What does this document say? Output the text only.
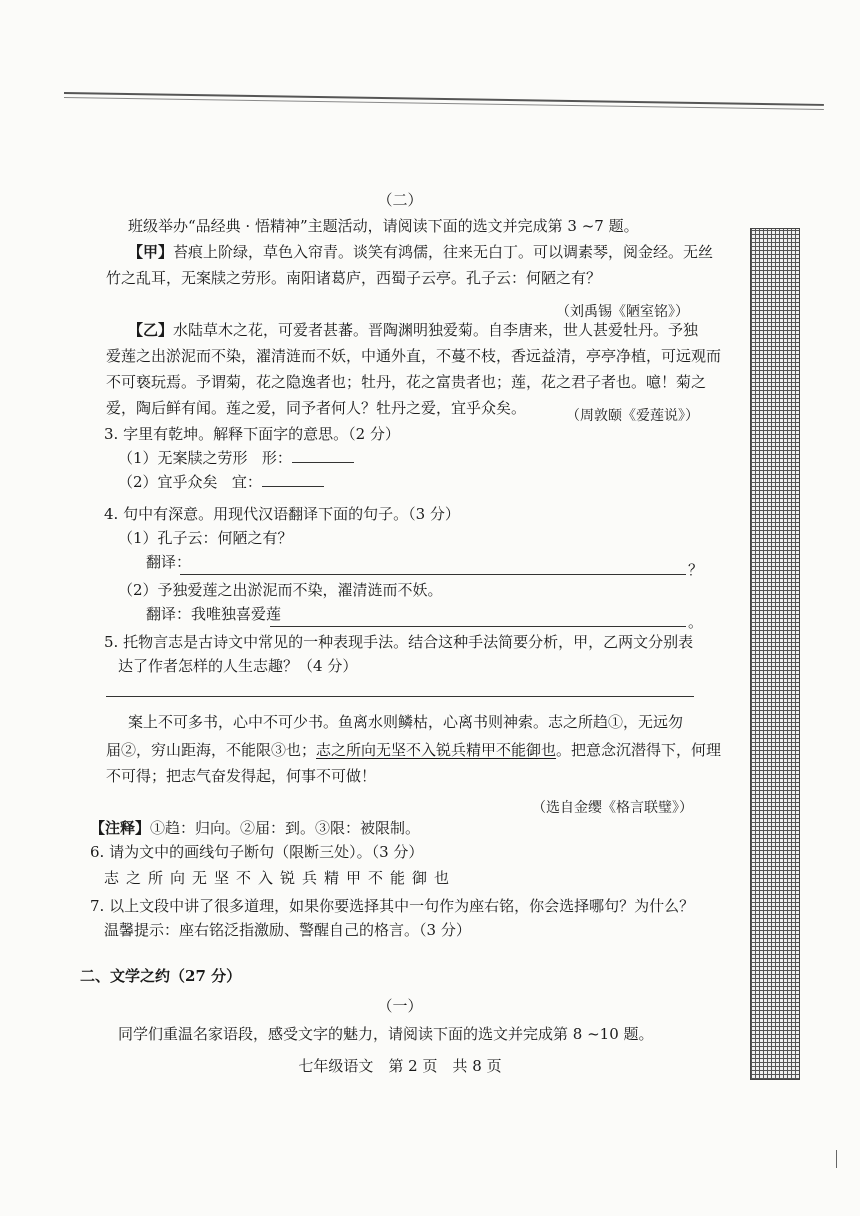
（二）
班级举办“品经典 · 悟精神”主题活动，请阅读下面的选文并完成第 3 ~7 题。
【甲】苔痕上阶绿，草色入帘青。谈笑有鸿儒，往来无白丁。可以调素琴，阅金经。无丝
竹之乱耳，无案牍之劳形。南阳诸葛庐，西蜀子云亭。孔子云：何陋之有？
（刘禹锡《陋室铭》）
【乙】水陆草木之花，可爱者甚蕃。晋陶渊明独爱菊。自李唐来，世人甚爱牡丹。予独
爱莲之出淤泥而不染，濯清涟而不妖，中通外直，不蔓不枝，香远益清，亭亭净植，可远观而
不可亵玩焉。予谓菊，花之隐逸者也；牡丹，花之富贵者也；莲，花之君子者也。噫！菊之
爱，陶后鲜有闻。莲之爱，同予者何人？牡丹之爱，宜乎众矣。	（周敦颐《爱莲说》）
3. 字里有乾坤。解释下面字的意思。（2 分）
（1）无案牍之劳形 形：
（2）宜乎众矣 宜：
4. 句中有深意。用现代汉语翻译下面的句子。（3 分）
（1）孔子云：何陋之有？
翻译：	？
（2）予独爱莲之出淤泥而不染，濯清涟而不妖。
翻译：我唯独喜爱莲	。
5. 托物言志是古诗文中常见的一种表现手法。结合这种手法简要分析，甲，乙两文分别表
达了作者怎样的人生志趣？（4 分）
案上不可多书，心中不可少书。鱼离水则鳞枯，心离书则神索。志之所趋①，无远勿
届②，穷山距海，不能限③也；志之所向无坚不入锐兵精甲不能御也。把意念沉潜得下，何理
不可得；把志气奋发得起，何事不可做！
（选自金缨《格言联璧》）
【注释】①趋：归向。②届：到。③限：被限制。
6. 请为文中的画线句子断句（限断三处）。（3 分）
志之所向无坚不入锐兵精甲不能御也
7. 以上文段中讲了很多道理，如果你要选择其中一句作为座右铭，你会选择哪句？为什么？
温馨提示：座右铭泛指激励、警醒自己的格言。（3 分）
二、文学之约（27 分）
（一）
同学们重温名家语段，感受文字的魅力，请阅读下面的选文并完成第 8 ~10 题。
七年级语文　第 2 页　共 8 页
